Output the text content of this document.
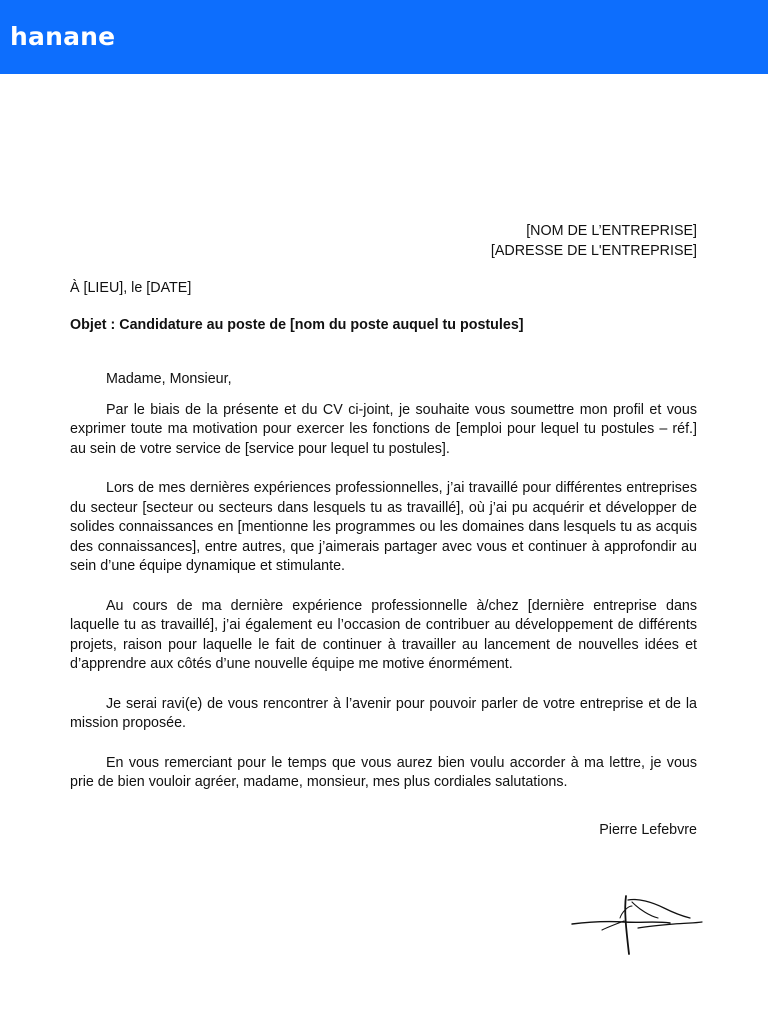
hanane
[NOM DE L’ENTREPRISE]
[ADRESSE DE L'ENTREPRISE]

À [LIEU], le [DATE]

Objet : Candidature au poste de [nom du poste auquel tu postules]

Madame, Monsieur,

Par le biais de la présente et du CV ci-joint, je souhaite vous soumettre mon profil et vous exprimer toute ma motivation pour exercer les fonctions de [emploi pour lequel tu postules – réf.] au sein de votre service de [service pour lequel tu postules].

Lors de mes dernières expériences professionnelles, j’ai travaillé pour différentes entreprises du secteur [secteur ou secteurs dans lesquels tu as travaillé], où j’ai pu acquérir et développer de solides connaissances en [mentionne les programmes ou les domaines dans lesquels tu as acquis des connaissances], entre autres, que j’aimerais partager avec vous et continuer à approfondir au sein d’une équipe dynamique et stimulante.

Au cours de ma dernière expérience professionnelle à/chez [dernière entreprise dans laquelle tu as travaillé], j’ai également eu l’occasion de contribuer au développement de différents projets, raison pour laquelle le fait de continuer à travailler au lancement de nouvelles idées et d’apprendre aux côtés d’une nouvelle équipe me motive énormément.

Je serai ravi(e) de vous rencontrer à l’avenir pour pouvoir parler de votre entreprise et de la mission proposée.

En vous remerciant pour le temps que vous aurez bien voulu accorder à ma lettre, je vous prie de bien vouloir agréer, madame, monsieur, mes plus cordiales salutations.

Pierre Lefebvre
